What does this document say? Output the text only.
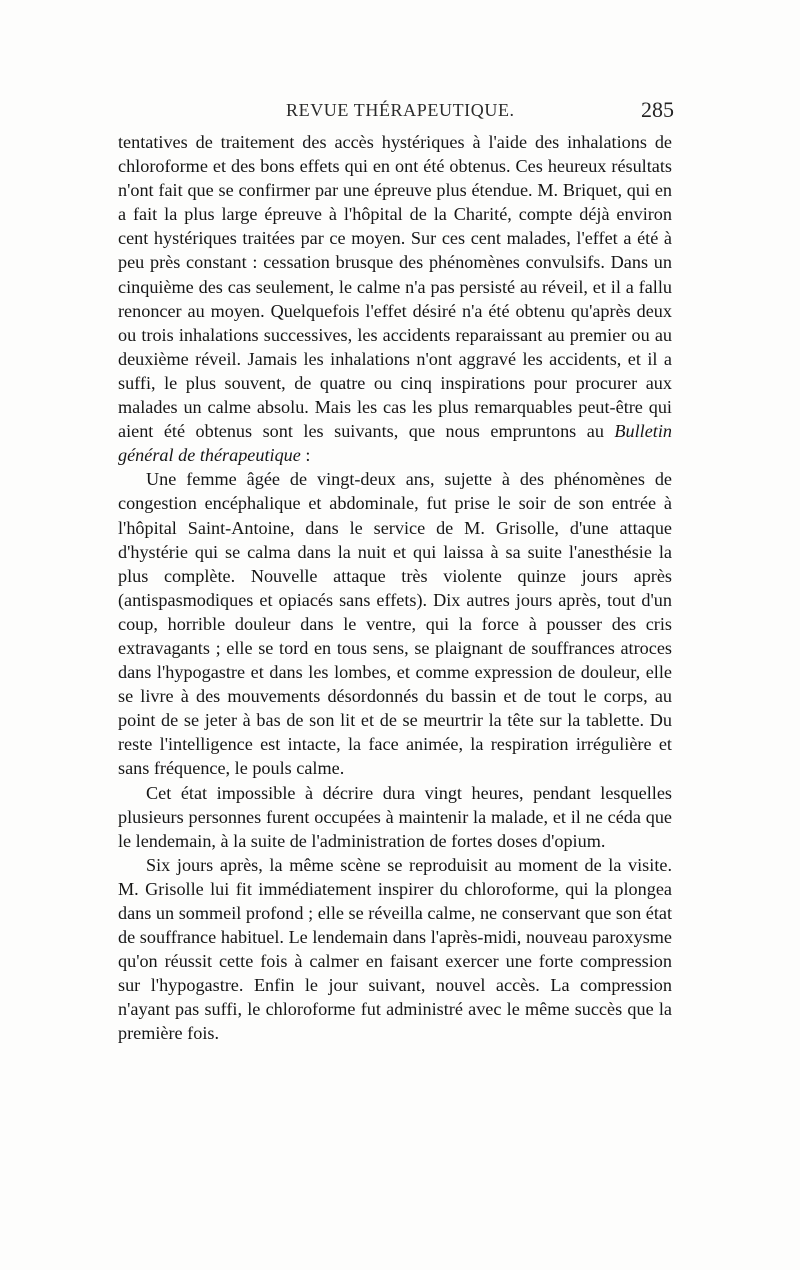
REVUE THÉRAPEUTIQUE.	285

tentatives de traitement des accès hystériques à l'aide des inhalations de chloroforme et des bons effets qui en ont été obtenus. Ces heureux résultats n'ont fait que se confirmer par une épreuve plus étendue. M. Briquet, qui en a fait la plus large épreuve à l'hôpital de la Charité, compte déjà environ cent hystériques traitées par ce moyen. Sur ces cent malades, l'effet a été à peu près constant : cessation brusque des phénomènes convulsifs. Dans un cinquième des cas seulement, le calme n'a pas persisté au réveil, et il a fallu renoncer au moyen. Quelquefois l'effet désiré n'a été obtenu qu'après deux ou trois inhalations successives, les accidents reparaissant au premier ou au deuxième réveil. Jamais les inhalations n'ont aggravé les accidents, et il a suffi, le plus souvent, de quatre ou cinq inspirations pour procurer aux malades un calme absolu. Mais les cas les plus remarquables peut-être qui aient été obtenus sont les suivants, que nous empruntons au Bulletin général de thérapeutique :

Une femme âgée de vingt-deux ans, sujette à des phénomènes de congestion encéphalique et abdominale, fut prise le soir de son entrée à l'hôpital Saint-Antoine, dans le service de M. Grisolle, d'une attaque d'hystérie qui se calma dans la nuit et qui laissa à sa suite l'anesthésie la plus complète. Nouvelle attaque très violente quinze jours après (antispasmodiques et opiacés sans effets). Dix autres jours après, tout d'un coup, horrible douleur dans le ventre, qui la force à pousser des cris extravagants ; elle se tord en tous sens, se plaignant de souffrances atroces dans l'hypogastre et dans les lombes, et comme expression de douleur, elle se livre à des mouvements désordonnés du bassin et de tout le corps, au point de se jeter à bas de son lit et de se meurtrir la tête sur la tablette. Du reste l'intelligence est intacte, la face animée, la respiration irrégulière et sans fréquence, le pouls calme.

Cet état impossible à décrire dura vingt heures, pendant lesquelles plusieurs personnes furent occupées à maintenir la malade, et il ne céda que le lendemain, à la suite de l'administration de fortes doses d'opium.

Six jours après, la même scène se reproduisit au moment de la visite. M. Grisolle lui fit immédiatement inspirer du chloroforme, qui la plongea dans un sommeil profond ; elle se réveilla calme, ne conservant que son état de souffrance habituel. Le lendemain dans l'après-midi, nouveau paroxysme qu'on réussit cette fois à calmer en faisant exercer une forte compression sur l'hypogastre. Enfin le jour suivant, nouvel accès. La compression n'ayant pas suffi, le chloroforme fut administré avec le même succès que la première fois.
